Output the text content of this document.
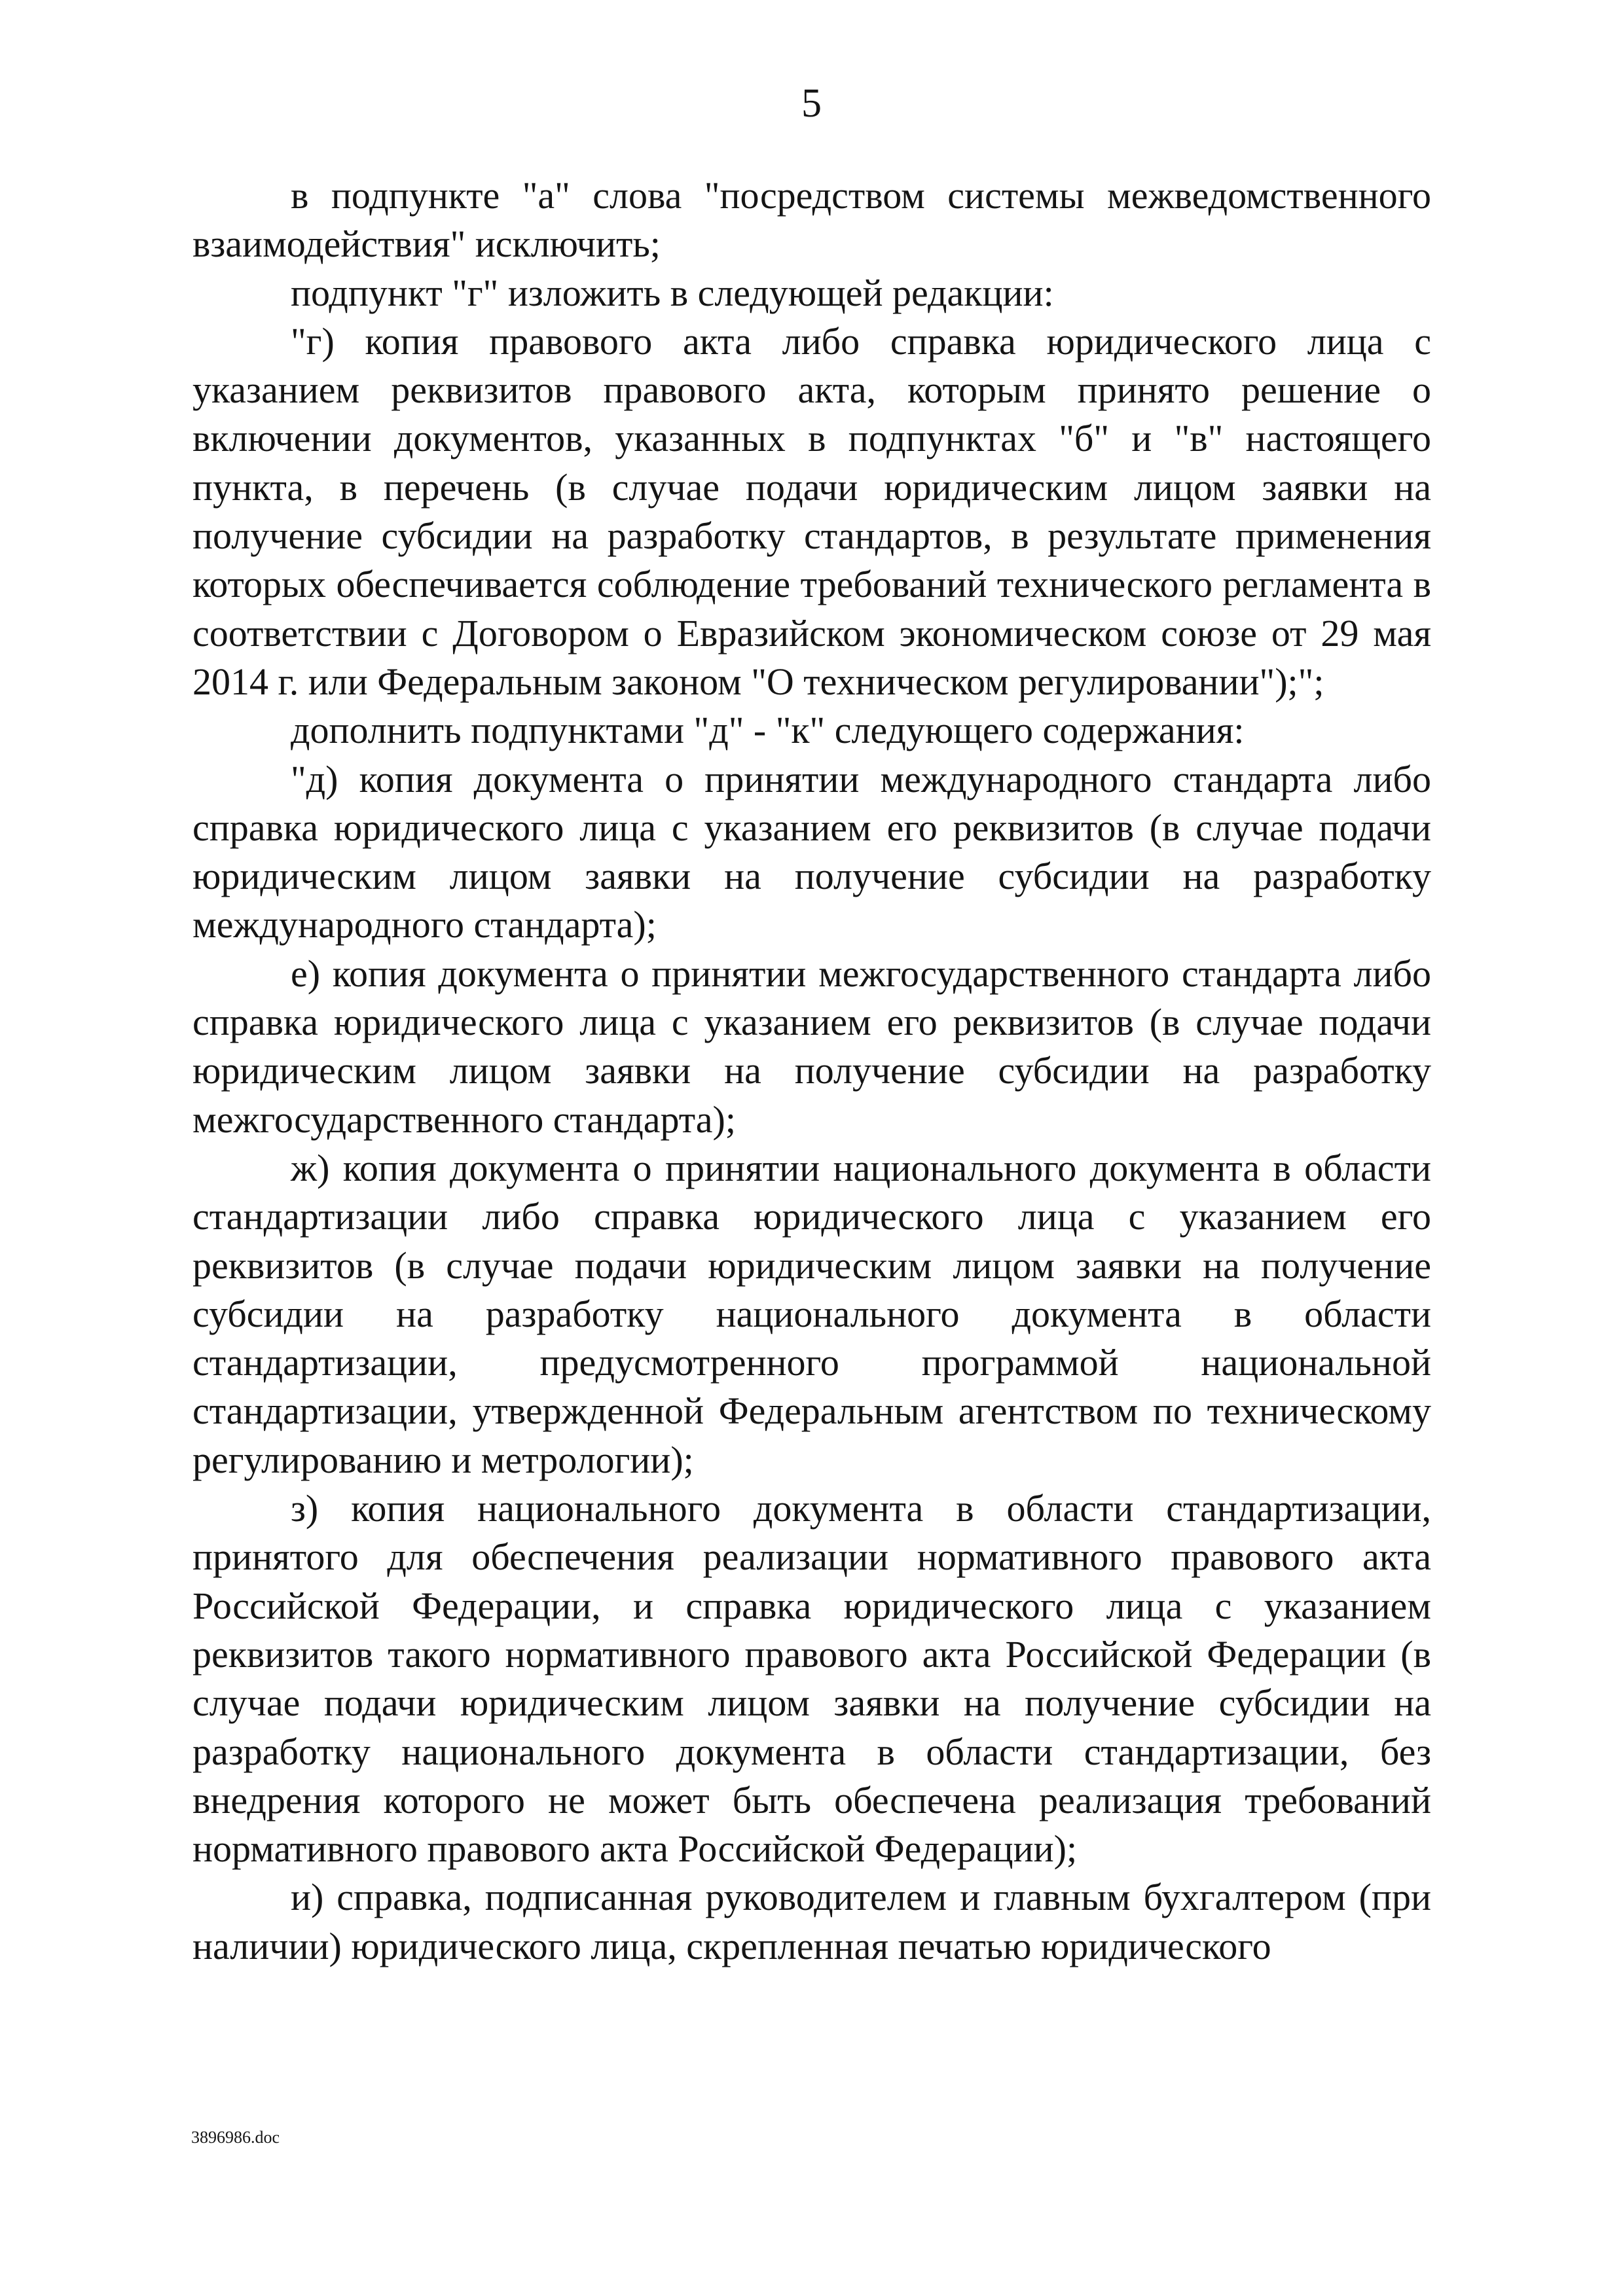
5

в подпункте "а" слова "посредством системы межведомственного взаимодействия" исключить;

подпункт "г" изложить в следующей редакции:

"г) копия правового акта либо справка юридического лица с указанием реквизитов правового акта, которым принято решение о включении документов, указанных в подпунктах "б" и "в" настоящего пункта, в перечень (в случае подачи юридическим лицом заявки на получение субсидии на разработку стандартов, в результате применения которых обеспечивается соблюдение требований технического регламента в соответствии с Договором о Евразийском экономическом союзе от 29 мая 2014 г. или Федеральным законом "О техническом регулировании");";

дополнить подпунктами "д" - "к" следующего содержания:

"д) копия документа о принятии международного стандарта либо справка юридического лица с указанием его реквизитов (в случае подачи юридическим лицом заявки на получение субсидии на разработку международного стандарта);

е) копия документа о принятии межгосударственного стандарта либо справка юридического лица с указанием его реквизитов (в случае подачи юридическим лицом заявки на получение субсидии на разработку межгосударственного стандарта);

ж) копия документа о принятии национального документа в области стандартизации либо справка юридического лица с указанием его реквизитов (в случае подачи юридическим лицом заявки на получение субсидии на разработку национального документа в области стандартизации, предусмотренного программой национальной стандартизации, утвержденной Федеральным агентством по техническому регулированию и метрологии);

з) копия национального документа в области стандартизации, принятого для обеспечения реализации нормативного правового акта Российской Федерации, и справка юридического лица с указанием реквизитов такого нормативного правового акта Российской Федерации (в случае подачи юридическим лицом заявки на получение субсидии на разработку национального документа в области стандартизации, без внедрения которого не может быть обеспечена реализация требований нормативного правового акта Российской Федерации);

и) справка, подписанная руководителем и главным бухгалтером (при наличии) юридического лица, скрепленная печатью юридического

3896986.doc
